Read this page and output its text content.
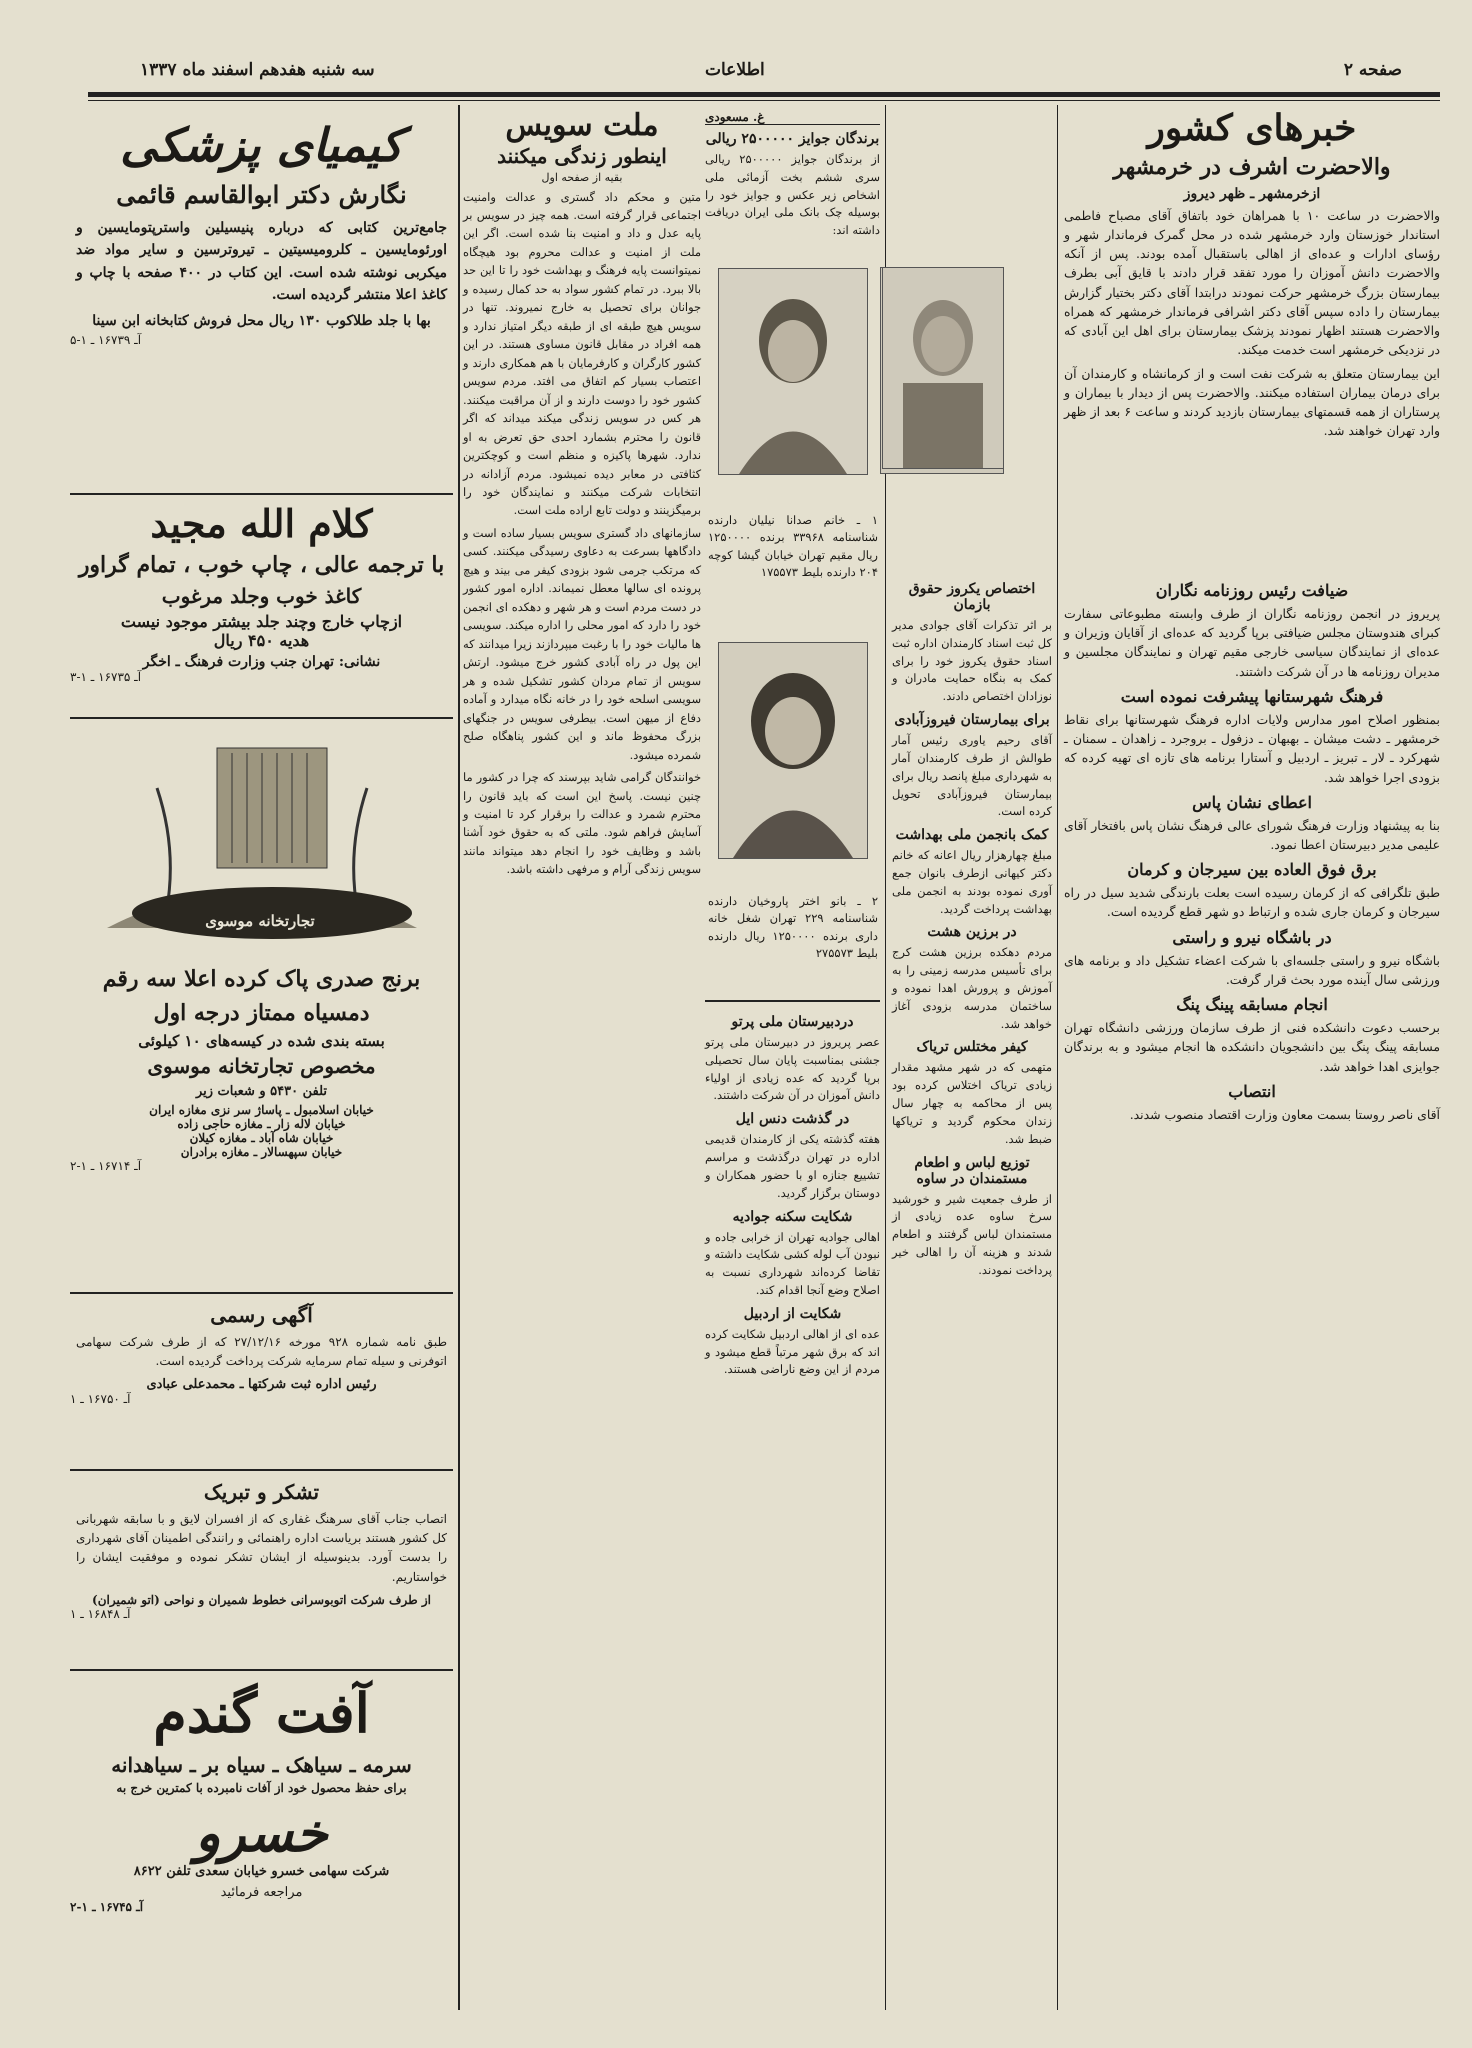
صفحه ۲
اطلاعات
سه شنبه هفدهم اسفند ماه ۱۳۳۷
خبرهای کشور
والاحضرت اشرف در خرمشهر
ازخرمشهر ـ ظهر دیروز

والاحضرت در ساعت ۱۰ با همراهان خود باتفاق آقای مصباح فاطمی استاندار خوزستان وارد خرمشهر شده در محل گمرک فرماندار شهر و رؤسای ادارات و عده‌ای از اهالی باستقبال آمده بودند. پس از آنکه والاحضرت دانش آموزان را مورد تفقد قرار دادند با قایق آبی بطرف بیمارستان بزرگ خرمشهر حرکت نمودند درابتدا آقای دکتر بختیار گزارش بیمارستان را داده سپس آقای دکتر اشرافی فرماندار خرمشهر که همراه والاحضرت هستند اظهار نمودند پزشک بیمارستان برای اهل این آبادی که در نزدیکی خرمشهر است خدمت میکند.

این بیمارستان متعلق به شرکت نفت است و از کرمانشاه و کارمندان آن برای درمان بیماران استفاده میکنند. والاحضرت پس از دیدار با بیماران و پرستاران از همه قسمتهای بیمارستان بازدید کردند و ساعت ۶ بعد از ظهر وارد تهران خواهند شد.

ضیافت رئیس روزنامه نگاران

پریروز در انجمن روزنامه نگاران از طرف وابسته مطبوعاتی سفارت کبرای هندوستان مجلس ضیافتی برپا گردید که عده‌ای از آقایان وزیران و عده‌ای از نمایندگان سیاسی خارجی مقیم تهران و نمایندگان مجلسین و مدیران روزنامه ها در آن شرکت داشتند.

فرهنگ شهرستانها پیشرفت نموده است

بمنظور اصلاح امور مدارس ولایات اداره فرهنگ شهرستانها برای نقاط خرمشهر ـ دشت میشان ـ بهبهان ـ دزفول ـ بروجرد ـ زاهدان ـ سمنان ـ شهرکرد ـ لار ـ تبریز ـ اردبیل و آستارا برنامه های تازه ای تهیه کرده که بزودی اجرا خواهد شد.

اعطای نشان پاس

بنا به پیشنهاد وزارت فرهنگ شورای عالی فرهنگ نشان پاس بافتخار آقای علیمی مدیر دبیرستان اعطا نمود.

برق فوق العاده بین سیرجان و کرمان

طبق تلگرافی که از کرمان رسیده است بعلت بارندگی شدید سیل در راه سیرجان و کرمان جاری شده و ارتباط دو شهر قطع گردیده است.

در باشگاه نیرو و راستی

باشگاه نیرو و راستی جلسه‌ای با شرکت اعضاء تشکیل داد و برنامه های ورزشی سال آینده مورد بحث قرار گرفت.

انجام مسابقه پینگ پنگ

برحسب دعوت دانشکده فنی از طرف سازمان ورزشی دانشگاه تهران مسابقه پینگ پنگ بین دانشجویان دانشکده ها انجام میشود و به برندگان جوایزی اهدا خواهد شد.

انتصاب

آقای ناصر روستا بسمت معاون وزارت اقتصاد منصوب شدند.

اختصاص یکروز حقوق بازمان

بر اثر تذکرات آقای جوادی مدیر کل ثبت اسناد کارمندان اداره ثبت اسناد حقوق یکروز خود را برای کمک به بنگاه حمایت مادران و نوزادان اختصاص دادند.

برای بیمارستان فیروزآبادی

آقای رحیم یاوری رئیس آمار طوالش از طرف کارمندان آمار به شهرداری مبلغ پانصد ریال برای بیمارستان فیروزآبادی تحویل کرده است.

کمک بانجمن ملی بهداشت

مبلغ چهارهزار ریال اعانه که خانم دکتر کیهانی ازطرف بانوان جمع آوری نموده بودند به انجمن ملی بهداشت پرداخت گردید.

در برزین هشت

مردم دهکده برزین هشت کرج برای تأسیس مدرسه زمینی را به آموزش و پرورش اهدا نموده و ساختمان مدرسه بزودی آغاز خواهد شد.

کیفر مختلس تریاک

متهمی که در شهر مشهد مقدار زیادی تریاک اختلاس کرده بود پس از محاکمه به چهار سال زندان محکوم گردید و تریاکها ضبط شد.

توزیع لباس و اطعام مستمندان در ساوه

از طرف جمعیت شیر و خورشید سرخ ساوه عده زیادی از مستمندان لباس گرفتند و اطعام شدند و هزینه آن را اهالی خیر پرداخت نمودند.

غ. مسعودی
برندگان جوایز ۲۵۰۰۰۰۰ ریالی

از برندگان جوایز ۲۵۰۰۰۰۰ ریالی سری ششم بخت آزمائی ملی اشخاص زیر عکس و جوایز خود را بوسیله چک بانک ملی ایران دریافت داشته اند:

ملت سویس
اینطور زندگی میکنند
بقیه از صفحه اول

متین و محکم داد گستری و عدالت وامنیت اجتماعی قرار گرفته است. همه چیز در سویس بر پایه عدل و داد و امنیت بنا شده است. اگر این ملت از امنیت و عدالت محروم بود هیچگاه نمیتوانست پایه فرهنگ و بهداشت خود را تا این حد بالا ببرد. در تمام کشور سواد به حد کمال رسیده و جوانان برای تحصیل به خارج نمیروند. تنها در سویس هیچ طبقه ای از طبقه دیگر امتیاز ندارد و همه افراد در مقابل قانون مساوی هستند. در این کشور کارگران و کارفرمایان با هم همکاری دارند و اعتصاب بسیار کم اتفاق می افتد. مردم سویس کشور خود را دوست دارند و از آن مراقبت میکنند. هر کس در سویس زندگی میکند میداند که اگر قانون را محترم بشمارد احدی حق تعرض به او ندارد. شهرها پاکیزه و منظم است و کوچکترین کثافتی در معابر دیده نمیشود. مردم آزادانه در انتخابات شرکت میکنند و نمایندگان خود را برمیگزینند و دولت تابع اراده ملت است.

سازمانهای داد گستری سویس بسیار ساده است و دادگاهها بسرعت به دعاوی رسیدگی میکنند. کسی که مرتکب جرمی شود بزودی کیفر می بیند و هیچ پرونده ای سالها معطل نمیماند. اداره امور کشور در دست مردم است و هر شهر و دهکده ای انجمن خود را دارد که امور محلی را اداره میکند. سویسی ها مالیات خود را با رغبت میپردازند زیرا میدانند که این پول در راه آبادی کشور خرج میشود. ارتش سویس از تمام مردان کشور تشکیل شده و هر سویسی اسلحه خود را در خانه نگاه میدارد و آماده دفاع از میهن است. بیطرفی سویس در جنگهای بزرگ محفوظ ماند و این کشور پناهگاه صلح شمرده میشود.

خوانندگان گرامی شاید بپرسند که چرا در کشور ما چنین نیست. پاسخ این است که باید قانون را محترم شمرد و عدالت را برقرار کرد تا امنیت و آسایش فراهم شود. ملتی که به حقوق خود آشنا باشد و وظایف خود را انجام دهد میتواند مانند سویس زندگی آرام و مرفهی داشته باشد.

۱ ـ خانم صدانا نیلیان دارنده شناسنامه ۳۳۹۶۸ برنده ۱۲۵۰۰۰۰ ریال مقیم تهران خیابان گیشا کوچه ۲۰۴ دارنده بلیط ۱۷۵۵۷۳
۲ ـ بانو اختر پاروخیان دارنده شناسنامه ۲۲۹ تهران شغل خانه داری برنده ۱۲۵۰۰۰۰ ریال دارنده بلیط ۲۷۵۵۷۳
دردبیرستان ملی پرتو

عصر پریروز در دبیرستان ملی پرتو جشنی بمناسبت پایان سال تحصیلی برپا گردید که عده زیادی از اولیاء دانش آموزان در آن شرکت داشتند.

در گذشت دنس ایل

هفته گذشته یکی از کارمندان قدیمی اداره در تهران درگذشت و مراسم تشییع جنازه او با حضور همکاران و دوستان برگزار گردید.

شکایت سکنه جواديه

اهالی جوادیه تهران از خرابی جاده و نبودن آب لوله کشی شکایت داشته و تقاضا کرده‌اند شهرداری نسبت به اصلاح وضع آنجا اقدام کند.

شکایت از اردبیل

عده ای از اهالی اردبیل شکایت کرده اند که برق شهر مرتباً قطع میشود و مردم از این وضع ناراضی هستند.

کیمیای پزشکی
نگارش دکتر ابوالقاسم قائمی
جامع‌ترین کتابی که درباره پنیسیلین واسترپتومایسین و اورئومایسین ـ کلرومیسیتین ـ تیروترسین و سایر مواد ضد میکربی نوشته شده است. این کتاب در ۴۰۰ صفحه با چاپ و کاغذ اعلا منتشر گردیده است.
بها با جلد طلاکوب ۱۳۰ ریال محل فروش کتابخانه ابن سینا
آـ ۱۶۷۳۹ ـ ۱-۵
کلام الله مجید
با ترجمه عالی ، چاپ خوب ، تمام گراور
کاغذ خوب وجلد مرغوب
ازچاپ خارج وچند جلد بیشتر موجود نیست
هدیه ۴۵۰ ریال
نشانی: تهران جنب وزارت فرهنگ ـ اخگر
آـ ۱۶۷۳۵ ـ ۱-۳
تجارتخانه موسوی
برنج صدری پاک کرده اعلا سه رقم
دمسیاه ممتاز درجه اول
بسته بندی شده در کیسه‌های ۱۰ کیلوئی
مخصوص تجارتخانه موسوی
تلفن ۵۴۳۰ و شعبات زیر
خیابان اسلامبول ـ پاساژ سر نزی مغازه ایران
خیابان لاله زار ـ مغازه حاجی زاده
خیابان شاه آباد ـ مغازه کیلان
خیابان سپهسالار ـ مغازه برادران
آـ ۱۶۷۱۴ ـ ۱-۲
آگهی رسمی
طبق نامه شماره ۹۲۸ مورخه ۲۷/۱۲/۱۶ که از طرف شرکت سهامی اتوفرنی و سیله تمام سرمایه شرکت پرداخت گردیده است.
رئیس اداره ثبت شرکتها ـ محمدعلی عبادی
آـ ۱۶۷۵۰ ـ ۱
تشکر و تبریک
اتصاب جناب آقای سرهنگ غفاری که از افسران لایق و با سابقه شهربانی کل کشور هستند بریاست اداره راهنمائی و رانندگی اطمینان آقای شهرداری را بدست آورد. بدینوسیله از ایشان تشکر نموده و موفقیت ایشان را خواستاریم.
از طرف شرکت اتوبوسرانی خطوط شمیران و نواحی (اتو شمیران)
آـ ۱۶۸۴۸ ـ ۱
آفت گندم
سرمه ـ سیاهک ـ سیاه بر ـ سیاهدانه
برای حفظ محصول خود از آفات نامبرده با کمترین خرج به
خسرو
شرکت سهامی خسرو خیابان سعدی تلفن ۸۶۲۲
مراجعه فرمائید
آـ ۱۶۷۴۵ ـ ۱-۲
